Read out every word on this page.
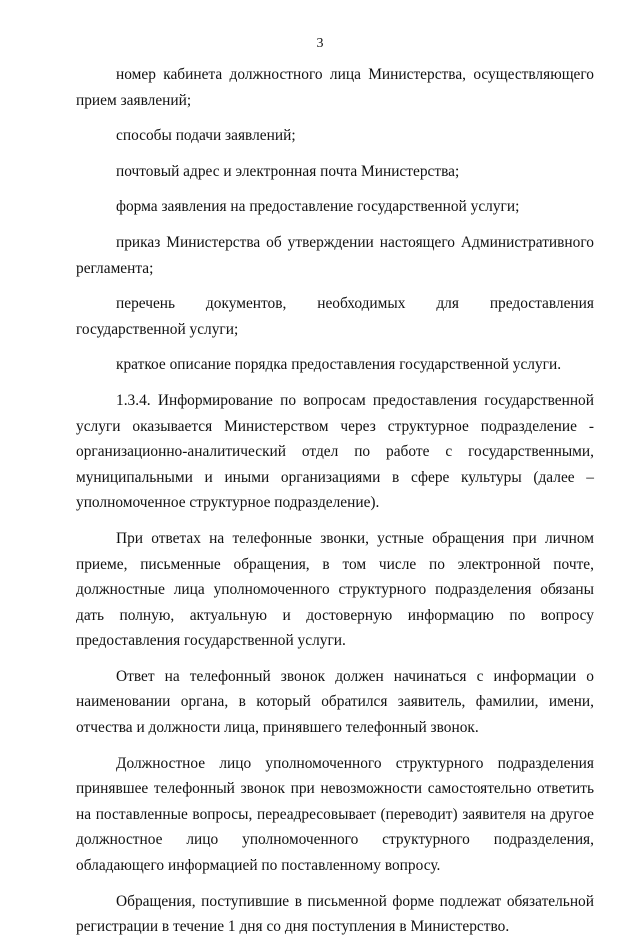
3

номер кабинета должностного лица Министерства, осуществляющего прием заявлений;

способы подачи заявлений;

почтовый адрес и электронная почта Министерства;

форма заявления на предоставление государственной услуги;

приказ Министерства об утверждении настоящего Административного регламента;

перечень документов, необходимых для предоставления государственной услуги;

краткое описание порядка предоставления государственной услуги.

1.3.4. Информирование по вопросам предоставления государственной услуги оказывается Министерством через структурное подразделение - организационно-аналитический отдел по работе с государственными, муниципальными и иными организациями в сфере культуры (далее – уполномоченное структурное подразделение).

При ответах на телефонные звонки, устные обращения при личном приеме, письменные обращения, в том числе по электронной почте, должностные лица уполномоченного структурного подразделения обязаны дать полную, актуальную и достоверную информацию по вопросу предоставления государственной услуги.

Ответ на телефонный звонок должен начинаться с информации о наименовании органа, в который обратился заявитель, фамилии, имени, отчества и должности лица, принявшего телефонный звонок.

Должностное лицо уполномоченного структурного подразделения принявшее телефонный звонок при невозможности самостоятельно ответить на поставленные вопросы, переадресовывает (переводит) заявителя на другое должностное лицо уполномоченного структурного подразделения, обладающего информацией по поставленному вопросу.

Обращения, поступившие в письменной форме подлежат обязательной регистрации в течение 1 дня со дня поступления в Министерство.
